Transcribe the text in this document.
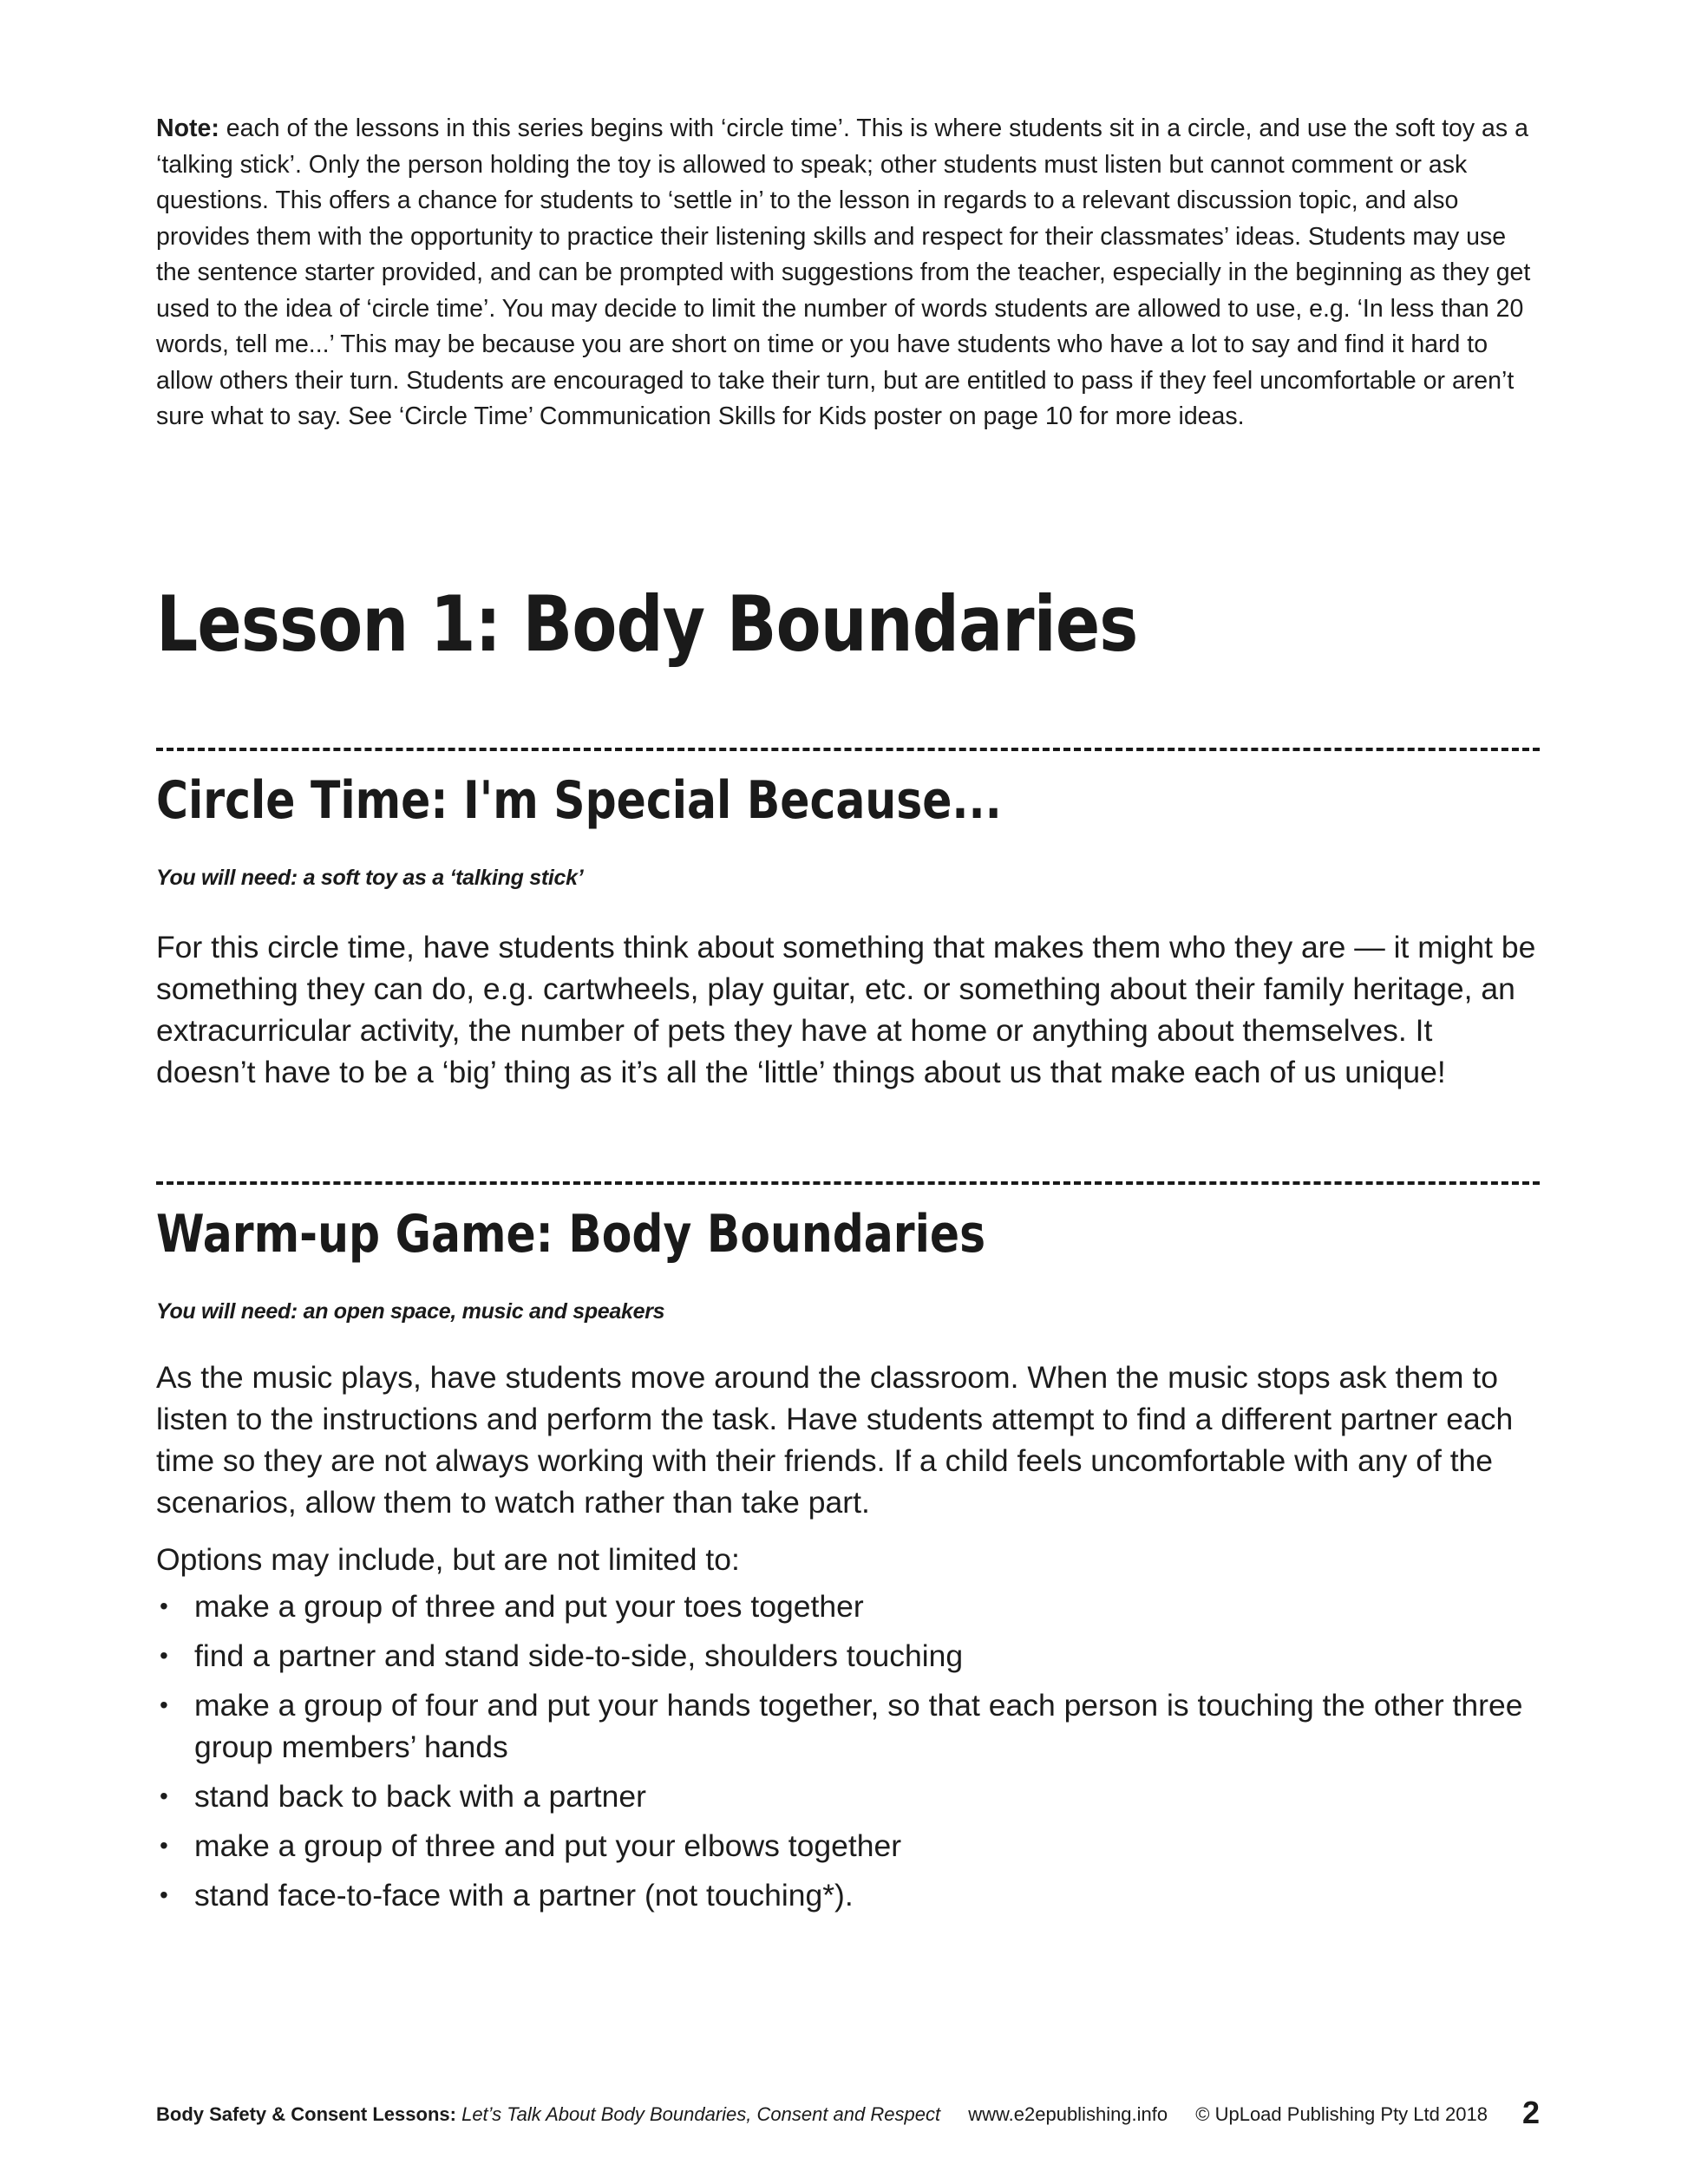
Note: each of the lessons in this series begins with ‘circle time’. This is where students sit in a circle, and use the soft toy as a ‘talking stick’. Only the person holding the toy is allowed to speak; other students must listen but cannot comment or ask questions. This offers a chance for students to ‘settle in’ to the lesson in regards to a relevant discussion topic, and also provides them with the opportunity to practice their listening skills and respect for their classmates’ ideas. Students may use the sentence starter provided, and can be prompted with suggestions from the teacher, especially in the beginning as they get used to the idea of ‘circle time’. You may decide to limit the number of words students are allowed to use, e.g. ‘In less than 20 words, tell me...’ This may be because you are short on time or you have students who have a lot to say and find it hard to allow others their turn. Students are encouraged to take their turn, but are entitled to pass if they feel uncomfortable or aren’t sure what to say. See ‘Circle Time’ Communication Skills for Kids poster on page 10 for more ideas.

Lesson 1: Body Boundaries
Circle Time: I'm Special Because...

You will need: a soft toy as a ‘talking stick’

For this circle time, have students think about something that makes them who they are — it might be something they can do, e.g. cartwheels, play guitar, etc. or something about their family heritage, an extracurricular activity, the number of pets they have at home or anything about themselves. It doesn’t have to be a ‘big’ thing as it’s all the ‘little’ things about us that make each of us unique!

Warm-up Game: Body Boundaries

You will need: an open space, music and speakers

As the music plays, have students move around the classroom. When the music stops ask them to listen to the instructions and perform the task. Have students attempt to find a different partner each time so they are not always working with their friends. If a child feels uncomfortable with any of the scenarios, allow them to watch rather than take part.

Options may include, but are not limited to:

• make a group of three and put your toes together
• find a partner and stand side-to-side, shoulders touching
• make a group of four and put your hands together, so that each person is touching the other three group members’ hands
• stand back to back with a partner
• make a group of three and put your elbows together
• stand face-to-face with a partner (not touching*).
Body Safety & Consent Lessons: Let’s Talk About Body Boundaries, Consent and Respect www.e2epublishing.info © UpLoad Publishing Pty Ltd 2018 2
